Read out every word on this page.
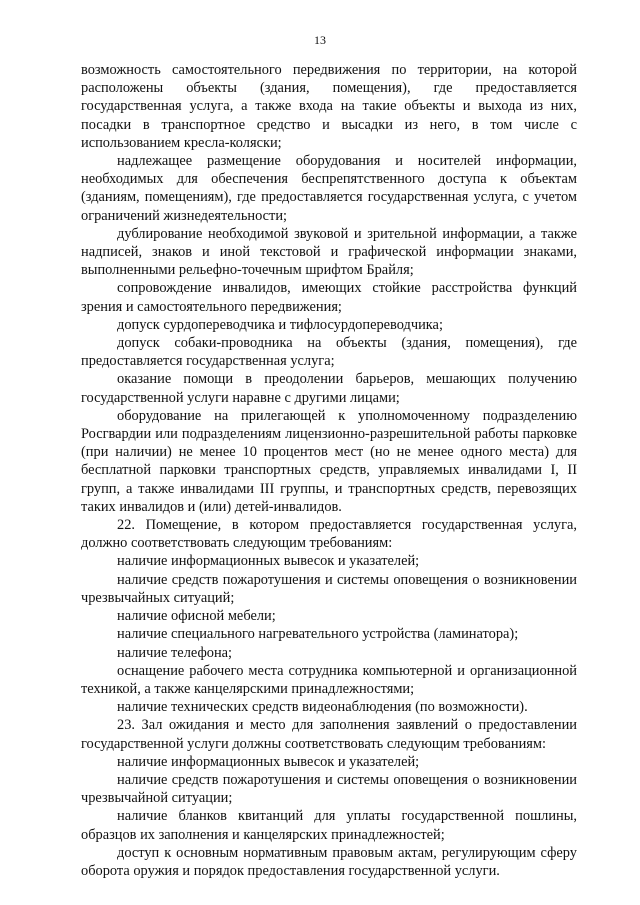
13

возможность самостоятельного передвижения по территории, на которой расположены объекты (здания, помещения), где предоставляется государственная услуга, а также входа на такие объекты и выхода из них, посадки в транспортное средство и высадки из него, в том числе с использованием кресла-коляски;

надлежащее размещение оборудования и носителей информации, необходимых для обеспечения беспрепятственного доступа к объектам (зданиям, помещениям), где предоставляется государственная услуга, с учетом ограничений жизнедеятельности;

дублирование необходимой звуковой и зрительной информации, а также надписей, знаков и иной текстовой и графической информации знаками, выполненными рельефно-точечным шрифтом Брайля;

сопровождение инвалидов, имеющих стойкие расстройства функций зрения и самостоятельного передвижения;

допуск сурдопереводчика и тифлосурдопереводчика;

допуск собаки-проводника на объекты (здания, помещения), где предоставляется государственная услуга;

оказание помощи в преодолении барьеров, мешающих получению государственной услуги наравне с другими лицами;

оборудование на прилегающей к уполномоченному подразделению Росгвардии или подразделениям лицензионно-разрешительной работы парковке (при наличии) не менее 10 процентов мест (но не менее одного места) для бесплатной парковки транспортных средств, управляемых инвалидами I, II групп, а также инвалидами III группы, и транспортных средств, перевозящих таких инвалидов и (или) детей-инвалидов.

22. Помещение, в котором предоставляется государственная услуга, должно соответствовать следующим требованиям:

наличие информационных вывесок и указателей;

наличие средств пожаротушения и системы оповещения о возникновении чрезвычайных ситуаций;

наличие офисной мебели;

наличие специального нагревательного устройства (ламинатора);

наличие телефона;

оснащение рабочего места сотрудника компьютерной и организационной техникой, а также канцелярскими принадлежностями;

наличие технических средств видеонаблюдения (по возможности).

23. Зал ожидания и место для заполнения заявлений о предоставлении государственной услуги должны соответствовать следующим требованиям:

наличие информационных вывесок и указателей;

наличие средств пожаротушения и системы оповещения о возникновении чрезвычайной ситуации;

наличие бланков квитанций для уплаты государственной пошлины, образцов их заполнения и канцелярских принадлежностей;

доступ к основным нормативным правовым актам, регулирующим сферу оборота оружия и порядок предоставления государственной услуги.
